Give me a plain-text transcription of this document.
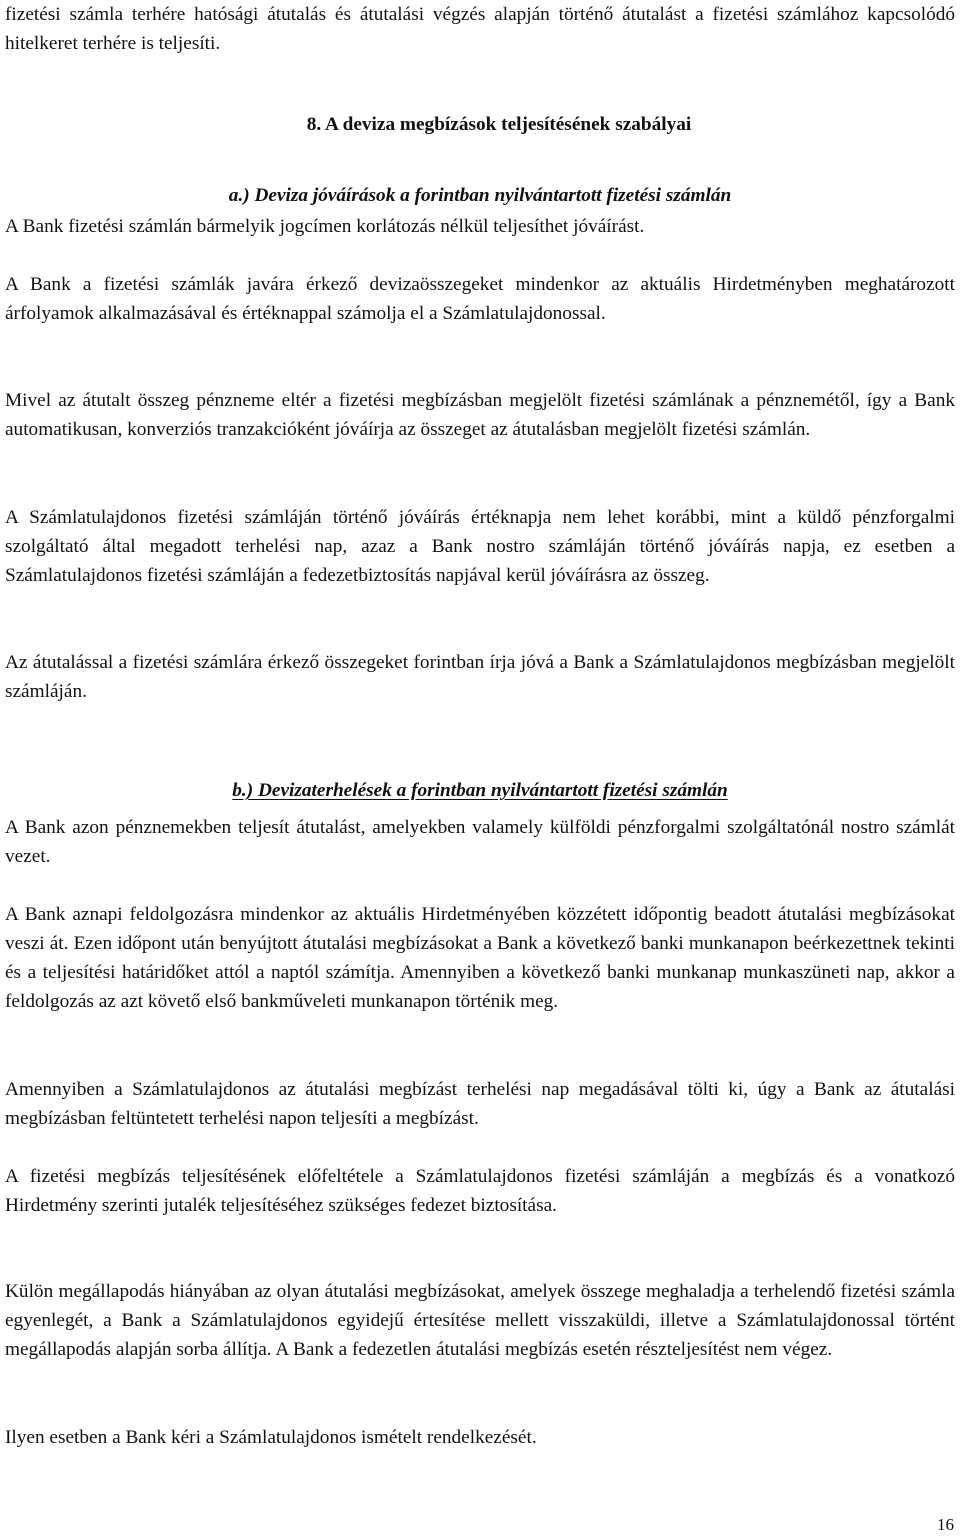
fizetési számla terhére hatósági átutalás és átutalási végzés alapján történő átutalást a fizetési számlához kapcsolódó hitelkeret terhére is teljesíti.

8. A deviza megbízások teljesítésének szabályai

a.) Deviza jóváírások a forintban nyilvántartott fizetési számlán

A Bank fizetési számlán bármelyik jogcímen korlátozás nélkül teljesíthet jóváírást.

A Bank a fizetési számlák javára érkező devizaösszegeket mindenkor az aktuális Hirdetményben meghatározott árfolyamok alkalmazásával és értéknappal számolja el a Számlatulajdonossal.

Mivel az átutalt összeg pénzneme eltér a fizetési megbízásban megjelölt fizetési számlának a pénznemétől, így a Bank automatikusan, konverziós tranzakcióként jóváírja az összeget az átutalásban megjelölt fizetési számlán.

A Számlatulajdonos fizetési számláján történő jóváírás értéknapja nem lehet korábbi, mint a küldő pénzforgalmi szolgáltató által megadott terhelési nap, azaz a Bank nostro számláján történő jóváírás napja, ez esetben a Számlatulajdonos fizetési számláján a fedezetbiztosítás napjával kerül jóváírásra az összeg.

Az átutalással a fizetési számlára érkező összegeket forintban írja jóvá a Bank a Számlatulajdonos megbízásban megjelölt számláján.

b.) Devizaterhelések a forintban nyilvántartott fizetési számlán

A Bank azon pénznemekben teljesít átutalást, amelyekben valamely külföldi pénzforgalmi szolgáltatónál nostro számlát vezet.

A Bank aznapi feldolgozásra mindenkor az aktuális Hirdetményében közzétett időpontig beadott átutalási megbízásokat veszi át. Ezen időpont után benyújtott átutalási megbízásokat a Bank a következő banki munkanapon beérkezettnek tekinti és a teljesítési határidőket attól a naptól számítja. Amennyiben a következő banki munkanap munkaszüneti nap, akkor a feldolgozás az azt követő első bankműveleti munkanapon történik meg.

Amennyiben a Számlatulajdonos az átutalási megbízást terhelési nap megadásával tölti ki, úgy a Bank az átutalási megbízásban feltüntetett terhelési napon teljesíti a megbízást.

A fizetési megbízás teljesítésének előfeltétele a Számlatulajdonos fizetési számláján a megbízás és a vonatkozó Hirdetmény szerinti jutalék teljesítéséhez szükséges fedezet biztosítása.

Külön megállapodás hiányában az olyan átutalási megbízásokat, amelyek összege meghaladja a terhelendő fizetési számla egyenlegét, a Bank a Számlatulajdonos egyidejű értesítése mellett visszaküldi, illetve a Számlatulajdonossal történt megállapodás alapján sorba állítja. A Bank a fedezetlen átutalási megbízás esetén részteljesítést nem végez.

Ilyen esetben a Bank kéri a Számlatulajdonos ismételt rendelkezését.

16
